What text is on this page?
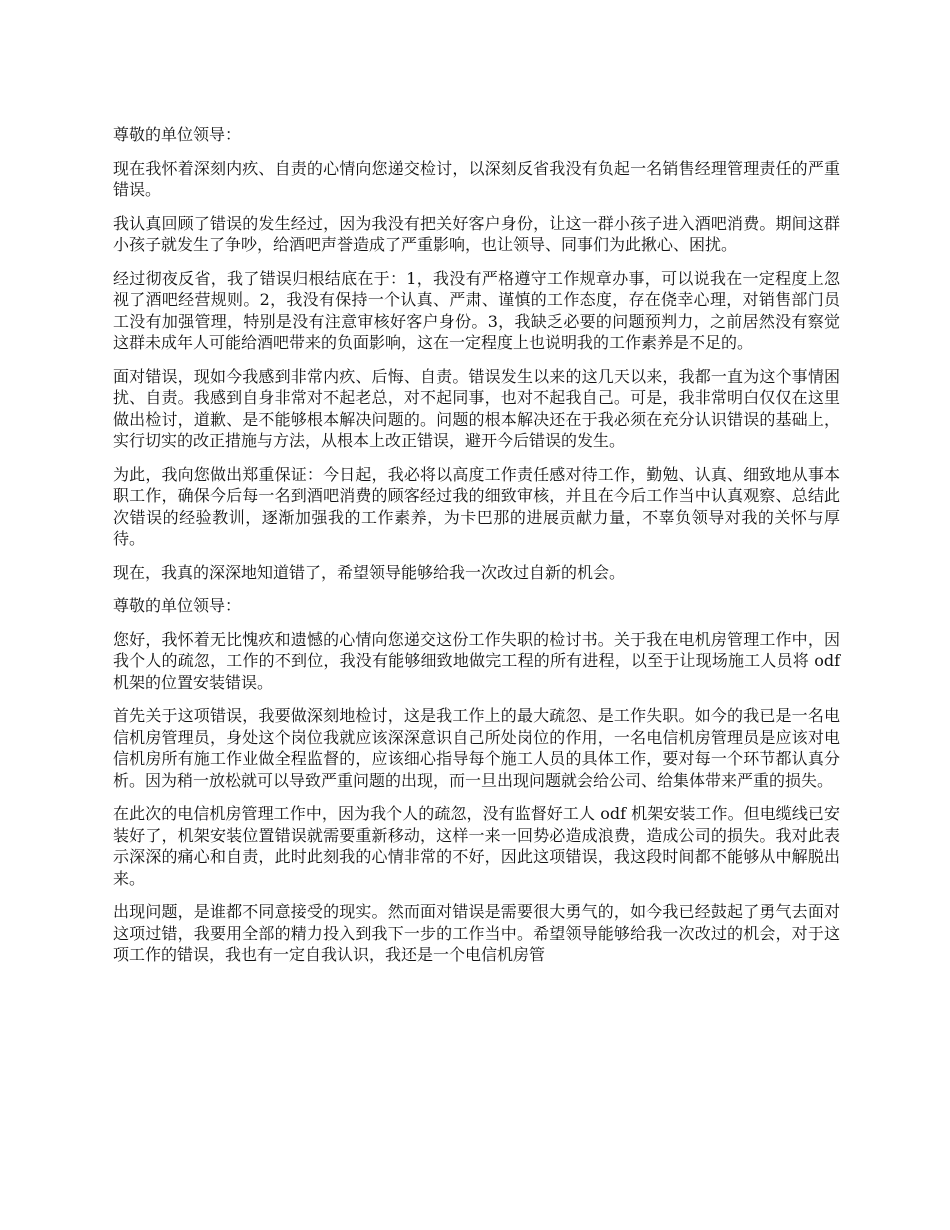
尊敬的单位领导：

现在我怀着深刻内疚、自责的心情向您递交检讨，以深刻反省我没有负起一名销售经理管理责任的严重错误。

我认真回顾了错误的发生经过，因为我没有把关好客户身份，让这一群小孩子进入酒吧消费。期间这群小孩子就发生了争吵，给酒吧声誉造成了严重影响，也让领导、同事们为此揪心、困扰。

经过彻夜反省，我了错误归根结底在于：1，我没有严格遵守工作规章办事，可以说我在一定程度上忽视了酒吧经营规则。2，我没有保持一个认真、严肃、谨慎的工作态度，存在侥幸心理，对销售部门员工没有加强管理，特别是没有注意审核好客户身份。3，我缺乏必要的问题预判力，之前居然没有察觉这群未成年人可能给酒吧带来的负面影响，这在一定程度上也说明我的工作素养是不足的。

面对错误，现如今我感到非常内疚、后悔、自责。错误发生以来的这几天以来，我都一直为这个事情困扰、自责。我感到自身非常对不起老总，对不起同事，也对不起我自己。可是，我非常明白仅仅在这里做出检讨，道歉、是不能够根本解决问题的。问题的根本解决还在于我必须在充分认识错误的基础上，实行切实的改正措施与方法，从根本上改正错误，避开今后错误的发生。

为此，我向您做出郑重保证：今日起，我必将以高度工作责任感对待工作，勤勉、认真、细致地从事本职工作，确保今后每一名到酒吧消费的顾客经过我的细致审核，并且在今后工作当中认真观察、总结此次错误的经验教训，逐渐加强我的工作素养，为卡巴那的进展贡献力量，不辜负领导对我的关怀与厚待。

现在，我真的深深地知道错了，希望领导能够给我一次改过自新的机会。

尊敬的单位领导：

您好，我怀着无比愧疚和遗憾的心情向您递交这份工作失职的检讨书。关于我在电机房管理工作中，因我个人的疏忽，工作的不到位，我没有能够细致地做完工程的所有进程，以至于让现场施工人员将 odf 机架的位置安装错误。

首先关于这项错误，我要做深刻地检讨，这是我工作上的最大疏忽、是工作失职。如今的我已是一名电信机房管理员，身处这个岗位我就应该深深意识自己所处岗位的作用，一名电信机房管理员是应该对电信机房所有施工作业做全程监督的，应该细心指导每个施工人员的具体工作，要对每一个环节都认真分析。因为稍一放松就可以导致严重问题的出现，而一旦出现问题就会给公司、给集体带来严重的损失。

在此次的电信机房管理工作中，因为我个人的疏忽，没有监督好工人 odf 机架安装工作。但电缆线已安装好了，机架安装位置错误就需要重新移动，这样一来一回势必造成浪费，造成公司的损失。我对此表示深深的痛心和自责，此时此刻我的心情非常的不好，因此这项错误，我这段时间都不能够从中解脱出来。

出现问题，是谁都不同意接受的现实。然而面对错误是需要很大勇气的，如今我已经鼓起了勇气去面对这项过错，我要用全部的精力投入到我下一步的工作当中。希望领导能够给我一次改过的机会，对于这项工作的错误，我也有一定自我认识，我还是一个电信机房管
